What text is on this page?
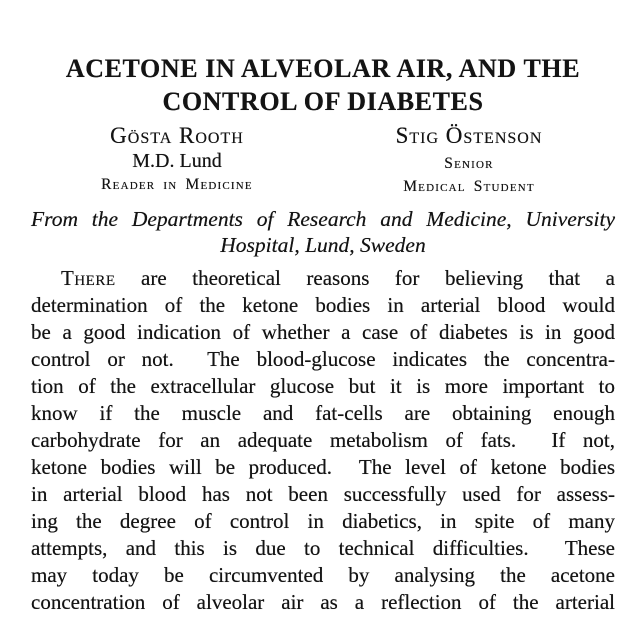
ACETONE IN ALVEOLAR AIR, AND THE
CONTROL OF DIABETES
Gösta Rooth
M.D. Lund
Reader in Medicine
Stig Östenson
Senior
Medical Student
From the Departments of Research and Medicine, University
Hospital, Lund, Sweden
There are theoretical reasons for believing that a
determination of the ketone bodies in arterial blood would
be a good indication of whether a case of diabetes is in good
control or not.  The blood-glucose indicates the concentra-
tion of the extracellular glucose but it is more important to
know if the muscle and fat-cells are obtaining enough
carbohydrate for an adequate metabolism of fats.  If not,
ketone bodies will be produced.  The level of ketone bodies
in arterial blood has not been successfully used for assess-
ing the degree of control in diabetics, in spite of many
attempts, and this is due to technical difficulties.  These
may today be circumvented by analysing the acetone
concentration of alveolar air as a reflection of the arterial
